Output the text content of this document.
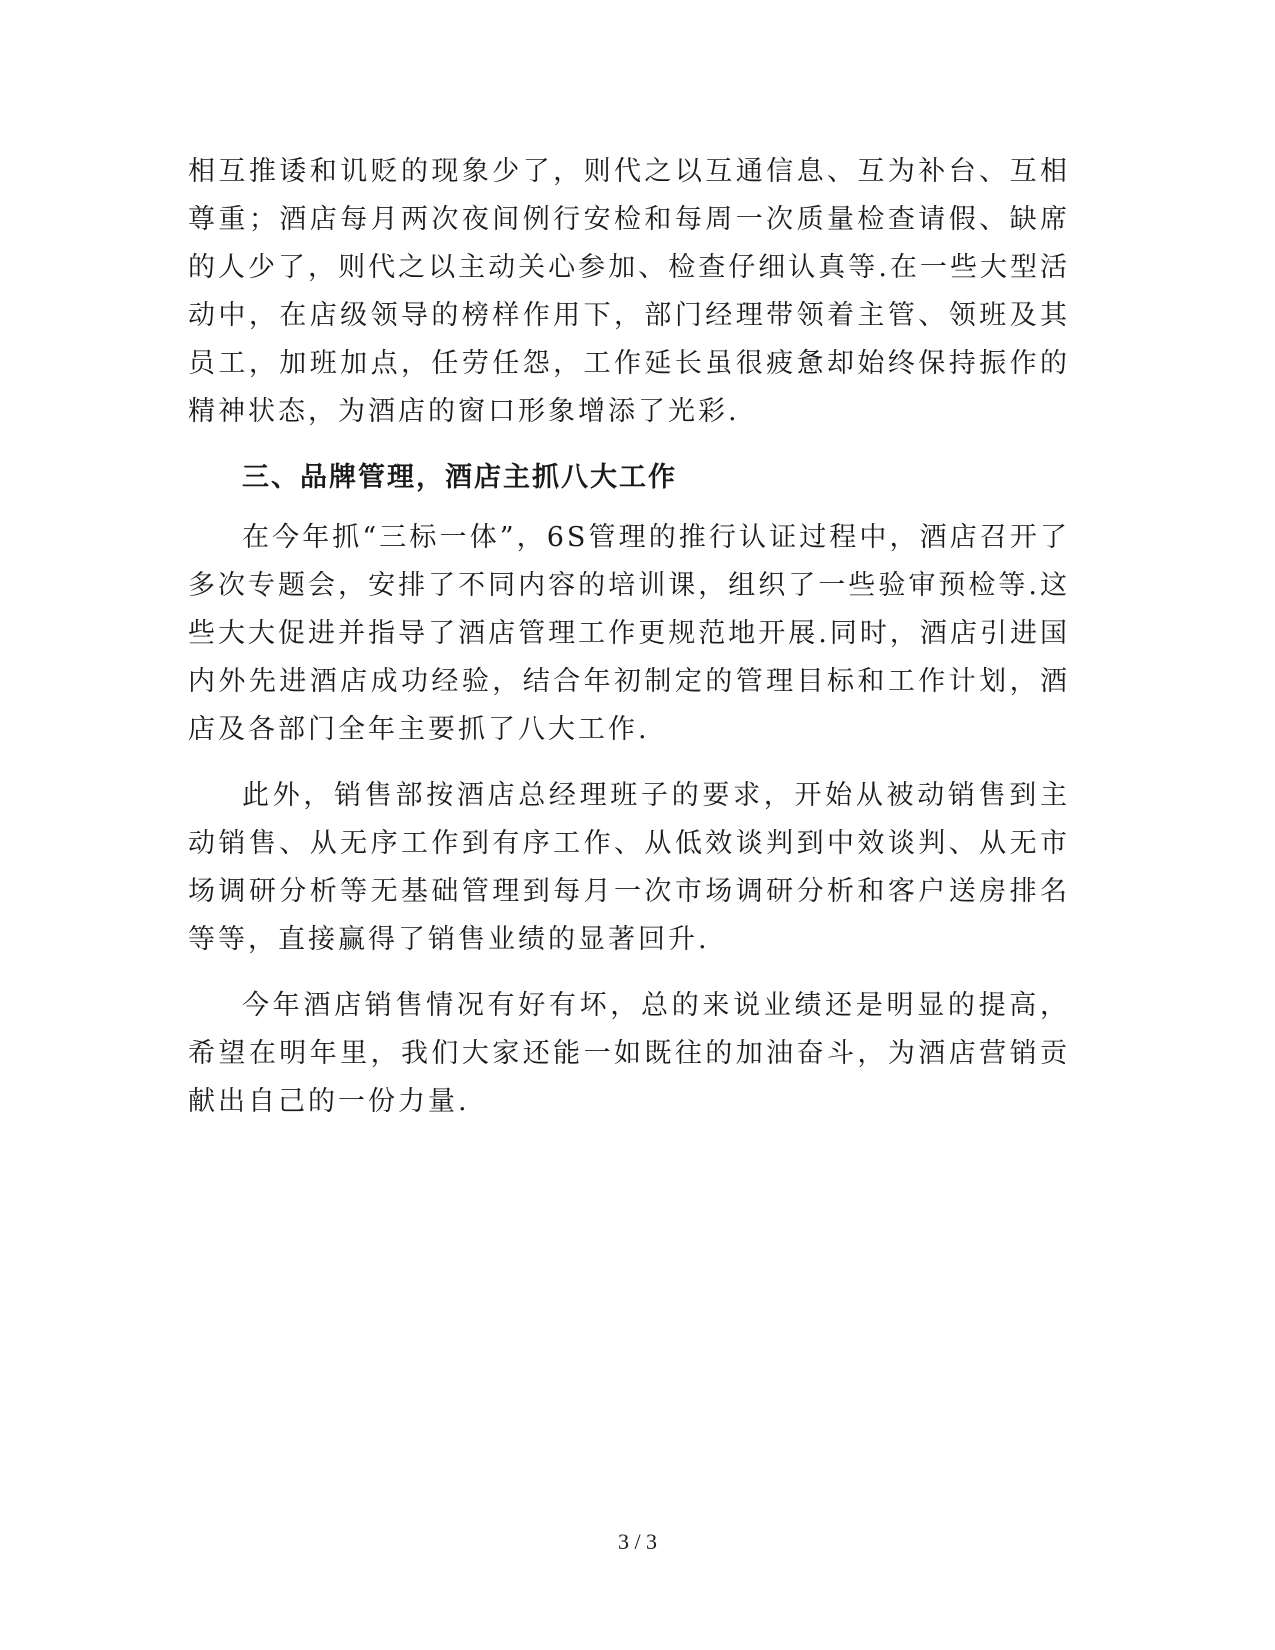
相互推诿和讥贬的现象少了，则代之以互通信息、互为补台、互相尊重；酒店每月两次夜间例行安检和每周一次质量检查请假、缺席的人少了，则代之以主动关心参加、检查仔细认真等.在一些大型活动中，在店级领导的榜样作用下，部门经理带领着主管、领班及其员工，加班加点，任劳任怨，工作延长虽很疲惫却始终保持振作的精神状态，为酒店的窗口形象增添了光彩.

三、品牌管理，酒店主抓八大工作

在今年抓“三标一体”，6S管理的推行认证过程中，酒店召开了多次专题会，安排了不同内容的培训课，组织了一些验审预检等.这些大大促进并指导了酒店管理工作更规范地开展.同时，酒店引进国内外先进酒店成功经验，结合年初制定的管理目标和工作计划，酒店及各部门全年主要抓了八大工作.

此外，销售部按酒店总经理班子的要求，开始从被动销售到主动销售、从无序工作到有序工作、从低效谈判到中效谈判、从无市场调研分析等无基础管理到每月一次市场调研分析和客户送房排名等等，直接赢得了销售业绩的显著回升.

今年酒店销售情况有好有坏，总的来说业绩还是明显的提高，希望在明年里，我们大家还能一如既往的加油奋斗，为酒店营销贡献出自己的一份力量.

3 / 3
